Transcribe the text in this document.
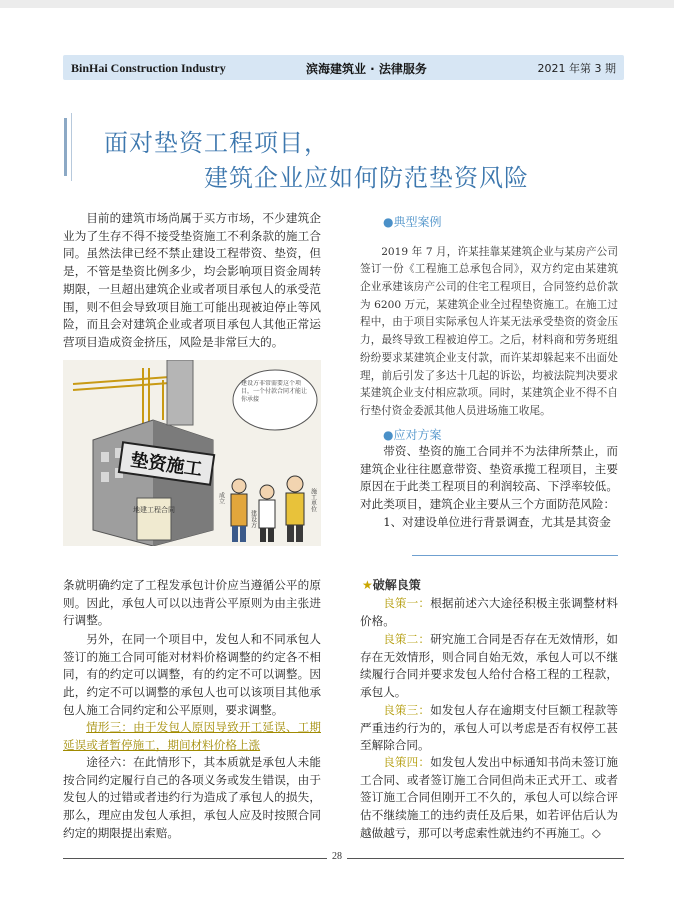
BinHai Construction Industry	滨海建筑业 · 法律服务	2021 年第 3 期
面对垫资工程项目，
建筑企业应如何防范垫资风险

目前的建筑市场尚属于买方市场，不少建筑企业为了生存不得不接受垫资施工不利条款的施工合同。虽然法律已经不禁止建设工程带资、垫资，但是，不管是垫资比例多少，均会影响项目资金周转期限，一旦超出建筑企业或者项目承包人的承受范围，则不但会导致项目施工可能出现被迫停止等风险，而且会对建筑企业或者项目承包人其他正常运营项目造成资金挤压，风险是非常巨大的。

垫资施工
地建工程合同
建设方非常需要这个项目，一个付款合同才能让你承接
成立
建设方
施工单位
●典型案例

2019 年 7 月，许某挂靠某建筑企业与某房产公司签订一份《工程施工总承包合同》，双方约定由某建筑企业承建该房产公司的住宅工程项目，合同签约总价款为 6200 万元，某建筑企业全过程垫资施工。在施工过程中，由于项目实际承包人许某无法承受垫资的资金压力，最终导致工程被迫停工。之后，材料商和劳务班组纷纷要求某建筑企业支付款，而许某却躲起来不出面处理，前后引发了多达十几起的诉讼，均被法院判决要求某建筑企业支付相应款项。同时，某建筑企业不得不自行垫付资金委派其他人员进场施工收尾。

●应对方案

带资、垫资的施工合同并不为法律所禁止，而建筑企业往往愿意带资、垫资承揽工程项目，主要原因在于此类工程项目的利润较高、下浮率较低。对此类项目，建筑企业主要从三个方面防范风险：

1、对建设单位进行背景调查，尤其是其资金

条就明确约定了工程发承包计价应当遵循公平的原则。因此，承包人可以以违背公平原则为由主张进行调整。

另外，在同一个项目中，发包人和不同承包人签订的施工合同可能对材料价格调整的约定各不相同，有的约定可以调整，有的约定不可以调整。因此，约定不可以调整的承包人也可以该项目其他承包人施工合同约定和公平原则，要求调整。

情形三：由于发包人原因导致开工延误、工期延误或者暂停施工，期间材料价格上涨

途径六：在此情形下，其本质就是承包人未能按合同约定履行自己的各项义务或发生错误，由于发包人的过错或者违约行为造成了承包人的损失，那么，理应由发包人承担，承包人应及时按照合同约定的期限提出索赔。

★破解良策

良策一：根据前述六大途径积极主张调整材料价格。

良策二：研究施工合同是否存在无效情形，如存在无效情形，则合同自始无效，承包人可以不继续履行合同并要求发包人给付合格工程的工程款，承包人。

良策三：如发包人存在逾期支付巨额工程款等严重违约行为的，承包人可以考虑是否有权停工甚至解除合同。

良策四：如发包人发出中标通知书尚未签订施工合同、或者签订施工合同但尚未正式开工、或者签订施工合同但刚开工不久的，承包人可以综合评估不继续施工的违约责任及后果，如若评估后认为越做越亏，那可以考虑索性就违约不再施工。◇

28
